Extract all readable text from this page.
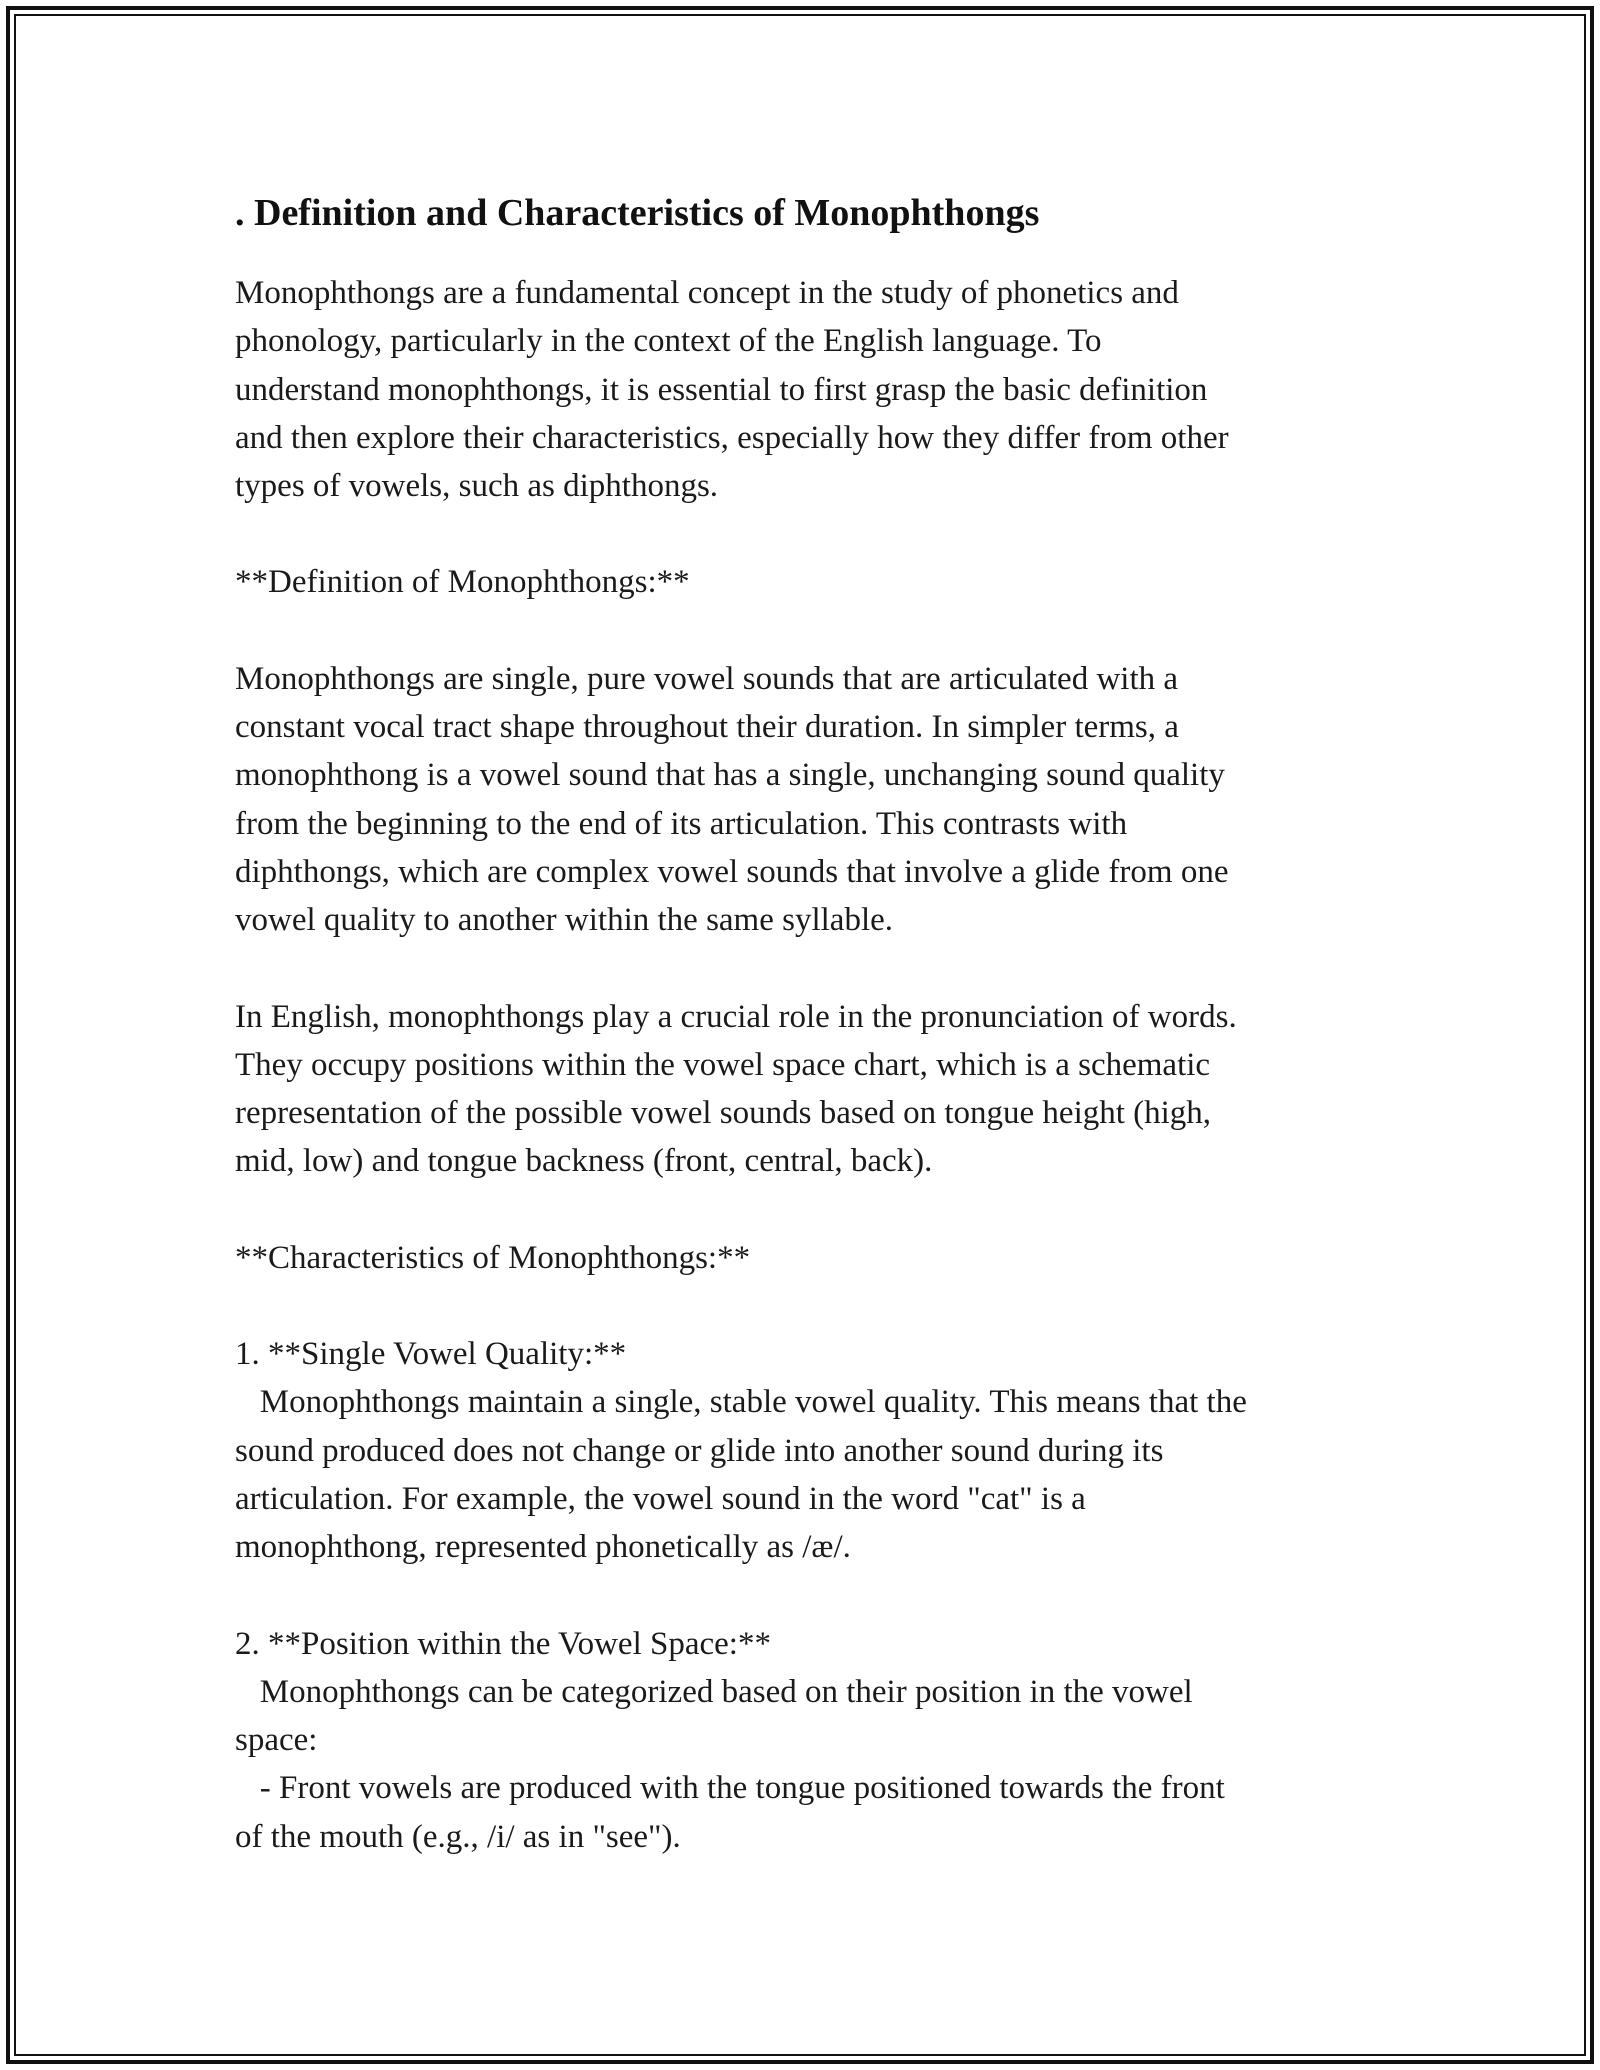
. Definition and Characteristics of Monophthongs
Monophthongs are a fundamental concept in the study of phonetics and
phonology, particularly in the context of the English language. To
understand monophthongs, it is essential to first grasp the basic definition
and then explore their characteristics, especially how they differ from other
types of vowels, such as diphthongs.
**Definition of Monophthongs:**
Monophthongs are single, pure vowel sounds that are articulated with a
constant vocal tract shape throughout their duration. In simpler terms, a
monophthong is a vowel sound that has a single, unchanging sound quality
from the beginning to the end of its articulation. This contrasts with
diphthongs, which are complex vowel sounds that involve a glide from one
vowel quality to another within the same syllable.
In English, monophthongs play a crucial role in the pronunciation of words.
They occupy positions within the vowel space chart, which is a schematic
representation of the possible vowel sounds based on tongue height (high,
mid, low) and tongue backness (front, central, back).
**Characteristics of Monophthongs:**
1. **Single Vowel Quality:**
Monophthongs maintain a single, stable vowel quality. This means that the
sound produced does not change or glide into another sound during its
articulation. For example, the vowel sound in the word "cat" is a
monophthong, represented phonetically as /æ/.
2. **Position within the Vowel Space:**
Monophthongs can be categorized based on their position in the vowel
space:
- Front vowels are produced with the tongue positioned towards the front
of the mouth (e.g., /i/ as in "see").
